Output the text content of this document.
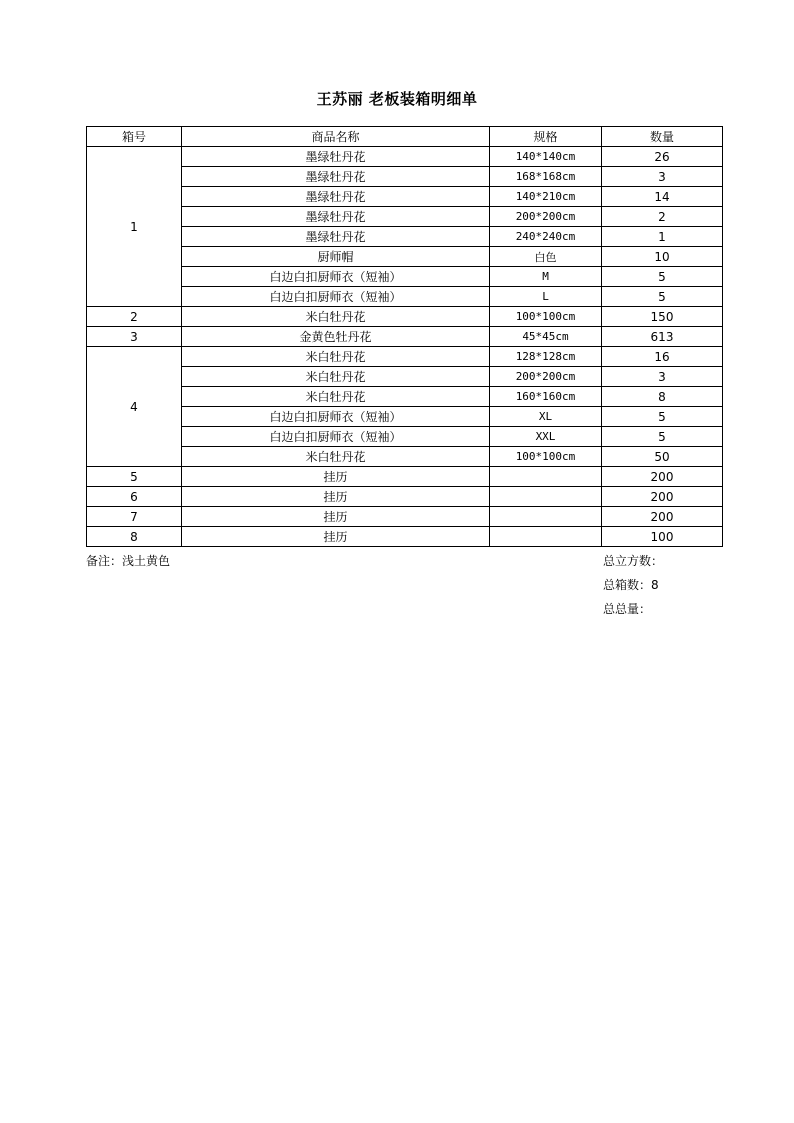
王苏丽 老板装箱明细单
箱号	商品名称	规格	数量
1	墨绿牡丹花	140*140cm	26
	墨绿牡丹花	168*168cm	3
	墨绿牡丹花	140*210cm	14
	墨绿牡丹花	200*200cm	2
	墨绿牡丹花	240*240cm	1
	厨师帽	白色	10
	白边白扣厨师衣（短袖）	M	5
	白边白扣厨师衣（短袖）	L	5
2	米白牡丹花	100*100cm	150
3	金黄色牡丹花	45*45cm	613
4	米白牡丹花	128*128cm	16
	米白牡丹花	200*200cm	3
	米白牡丹花	160*160cm	8
	白边白扣厨师衣（短袖）	XL	5
	白边白扣厨师衣（短袖）	XXL	5
	米白牡丹花	100*100cm	50
5	挂历		200
6	挂历		200
7	挂历		200
8	挂历		100
备注：浅土黄色	总立方数：
总箱数：8
总总量：
